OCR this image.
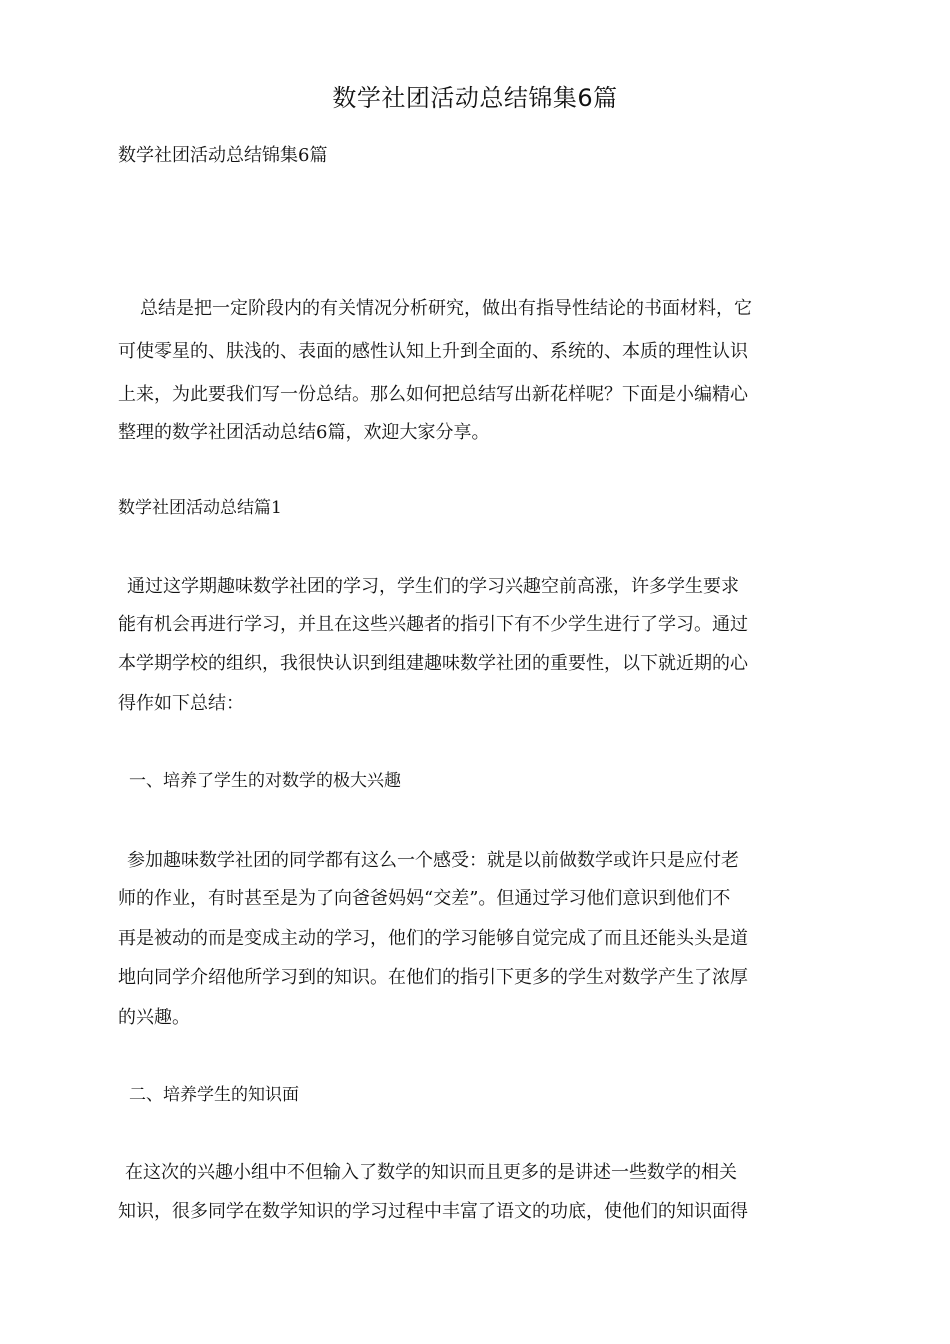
数学社团活动总结锦集6篇
数学社团活动总结锦集6篇
总结是把一定阶段内的有关情况分析研究，做出有指导性结论的书面材料，它
可使零星的、肤浅的、表面的感性认知上升到全面的、系统的、本质的理性认识
上来，为此要我们写一份总结。那么如何把总结写出新花样呢？下面是小编精心
整理的数学社团活动总结6篇，欢迎大家分享。
数学社团活动总结篇1
通过这学期趣味数学社团的学习，学生们的学习兴趣空前高涨，许多学生要求
能有机会再进行学习，并且在这些兴趣者的指引下有不少学生进行了学习。通过
本学期学校的组织，我很快认识到组建趣味数学社团的重要性，以下就近期的心
得作如下总结：
一、培养了学生的对数学的极大兴趣
参加趣味数学社团的同学都有这么一个感受：就是以前做数学或许只是应付老
师的作业，有时甚至是为了向爸爸妈妈“交差”。但通过学习他们意识到他们不
再是被动的而是变成主动的学习，他们的学习能够自觉完成了而且还能头头是道
地向同学介绍他所学习到的知识。在他们的指引下更多的学生对数学产生了浓厚
的兴趣。
二、培养学生的知识面
在这次的兴趣小组中不但输入了数学的知识而且更多的是讲述一些数学的相关
知识，很多同学在数学知识的学习过程中丰富了语文的功底，使他们的知识面得
